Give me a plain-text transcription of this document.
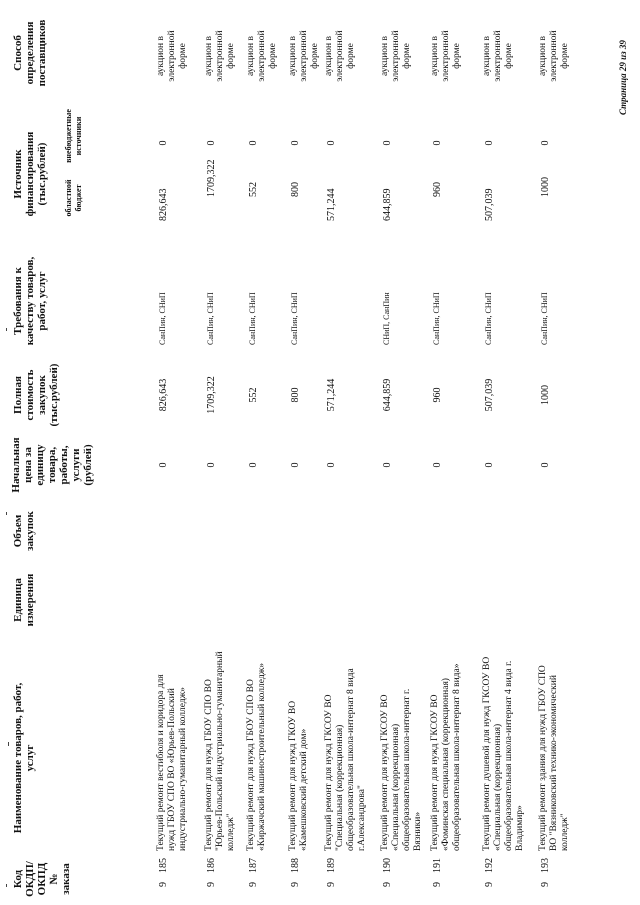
Код ОКДП/ ОКПД № заказа
Наименование товаров, работ, услуг
Единица измерения
Объем закупок
Начальная цена за единицу товара, работы, услуги (рублей)
Полная стоимость закупок (тыс.рублей)
Требования к качеству товаров, работ, услуг
Источник финансирования (тыс.рублей) областной бюджет
внебюджетные источники
Способ определения поставщиков
9
185
Текущий ремонт вестибюля и коридора для нужд ГБОУ СПО ВО «Юрьев-Польский индустриально-гуманитарный колледж»
0
826,643
СанПин, СНиП
826,643
0
аукцион в электронной форме
9
186
Текущий ремонт для нужд ГБОУ СПО ВО "Юрьев-Польский индустриально-гуманитарный колледж"
0
1709,322
СанПин, СНиП
1709,322
0
аукцион в электронной форме
9
187
Текущий ремонт для нужд ГБОУ СПО ВО «Киржачский машиностроительный колледж»
0
552
СанПин, СНиП
552
0
аукцион в электронной форме
9
188
Текущий ремонт для нужд ГКОУ ВО «Камешковский детский дом»
0
800
СанПин, СНиП
800
0
аукцион в электронной форме
9
189
Текущий ремонт для нужд ГКСОУ ВО "Специальная (коррекционная) общеобразовательная школа-интернат 8 вида г.Александрова"
0
571,244
571,244
0
аукцион в электронной форме
9
190
Текущий ремонт для нужд ГКСОУ ВО «Специальная (коррекционная) общеобразовательная школа-интернат г. Вязники»
0
644,859
СНиП, СанПин
644,859
0
аукцион в электронной форме
9
191
Текущий ремонт для нужд ГКСОУ ВО «Фоминская специальная (коррекционная) общеобразовательная школа-интернат 8 вида»
0
960
СанПин, СНиП
960
0
аукцион в электронной форме
9
192
Текущий ремонт душевой для нужд ГКСОУ ВО «Специальная (коррекционная) общеобразовательная школа-интернат 4 вида г. Владимир»
0
507,039
СанПин, СНиП
507,039
0
аукцион в электронной форме
9
193
Текущий ремонт здания для нужд ГБОУ СПО ВО "Вязниковский технико-экономический колледж"
0
1000
СанПин, СНиП
1000
0
аукцион в электронной форме	Страница 29 из 39
